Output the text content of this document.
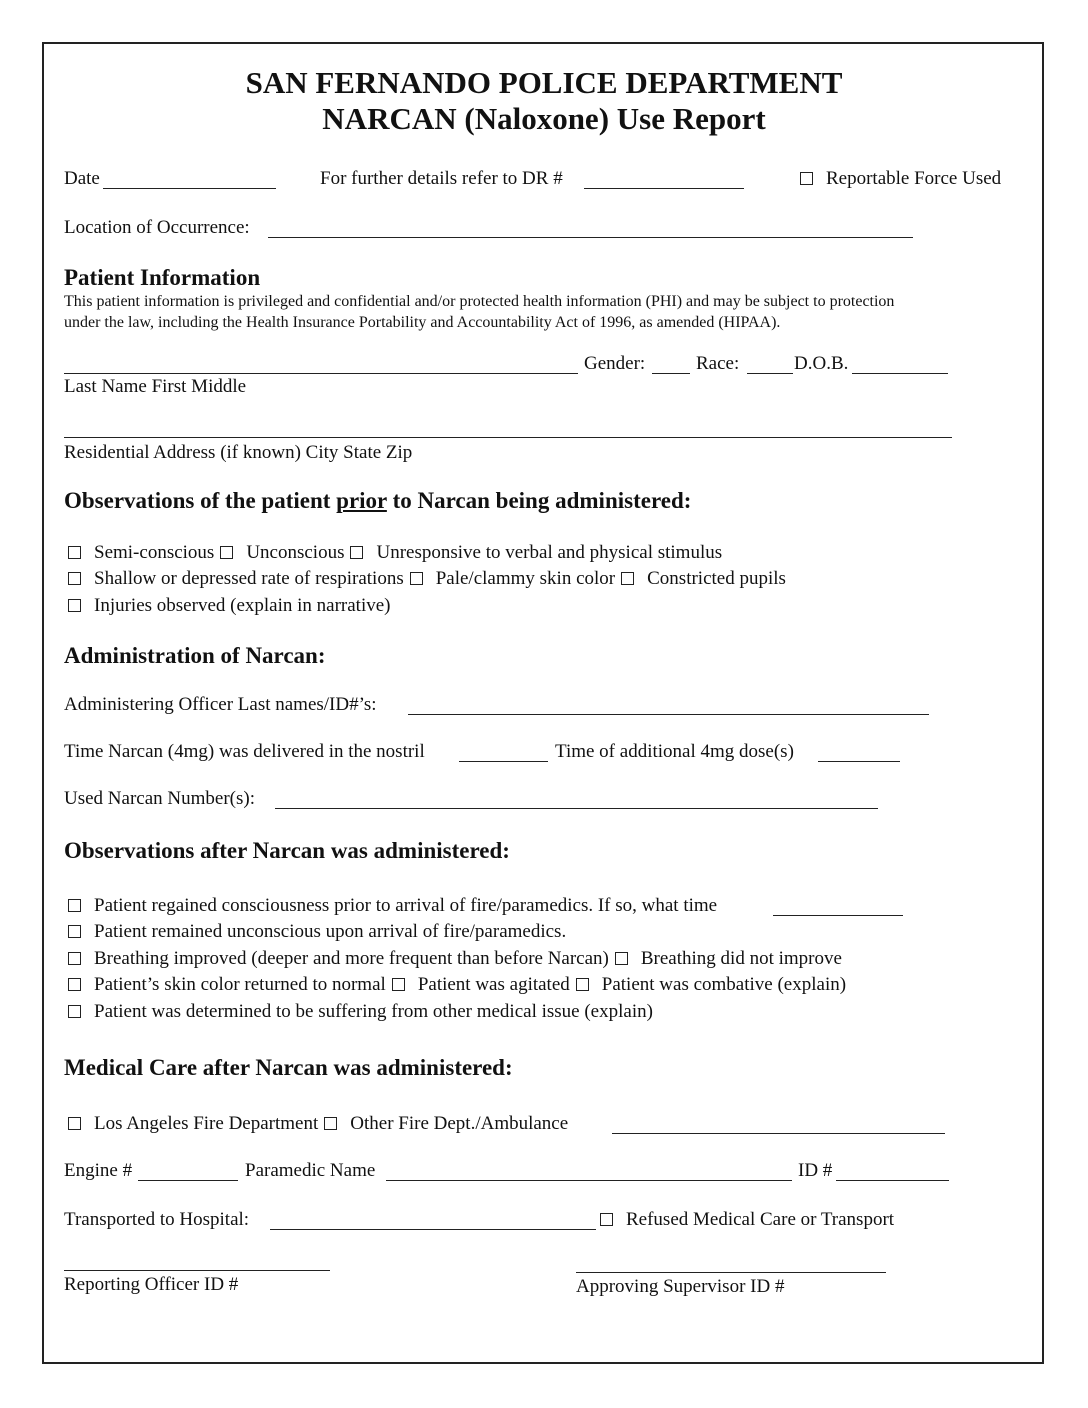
SAN FERNANDO POLICE DEPARTMENT
NARCAN (Naloxone) Use Report
Date	For further details refer to DR #	Reportable Force Used
Location of Occurrence:
Patient Information
This patient information is privileged and confidential and/or protected health information (PHI) and may be subject to protection
under the law, including the Health Insurance Portability and Accountability Act of 1996, as amended (HIPAA).
Gender:	Race:	D.O.B.
Last Name First Middle
Residential Address (if known) City State Zip
Observations of the patient prior to Narcan being administered:
Semi-conscious Unconscious Unresponsive to verbal and physical stimulus
Shallow or depressed rate of respirations Pale/clammy skin color Constricted pupils
Injuries observed (explain in narrative)
Administration of Narcan:
Administering Officer Last names/ID#’s:
Time Narcan (4mg) was delivered in the nostril	Time of additional 4mg dose(s)
Used Narcan Number(s):
Observations after Narcan was administered:
Patient regained consciousness prior to arrival of fire/paramedics. If so, what time
Patient remained unconscious upon arrival of fire/paramedics.
Breathing improved (deeper and more frequent than before Narcan) Breathing did not improve
Patient’s skin color returned to normal Patient was agitated Patient was combative (explain)
Patient was determined to be suffering from other medical issue (explain)
Medical Care after Narcan was administered:
Los Angeles Fire Department Other Fire Dept./Ambulance
Engine #	Paramedic Name	ID #
Transported to Hospital:	Refused Medical Care or Transport
Reporting Officer ID #	Approving Supervisor ID #
